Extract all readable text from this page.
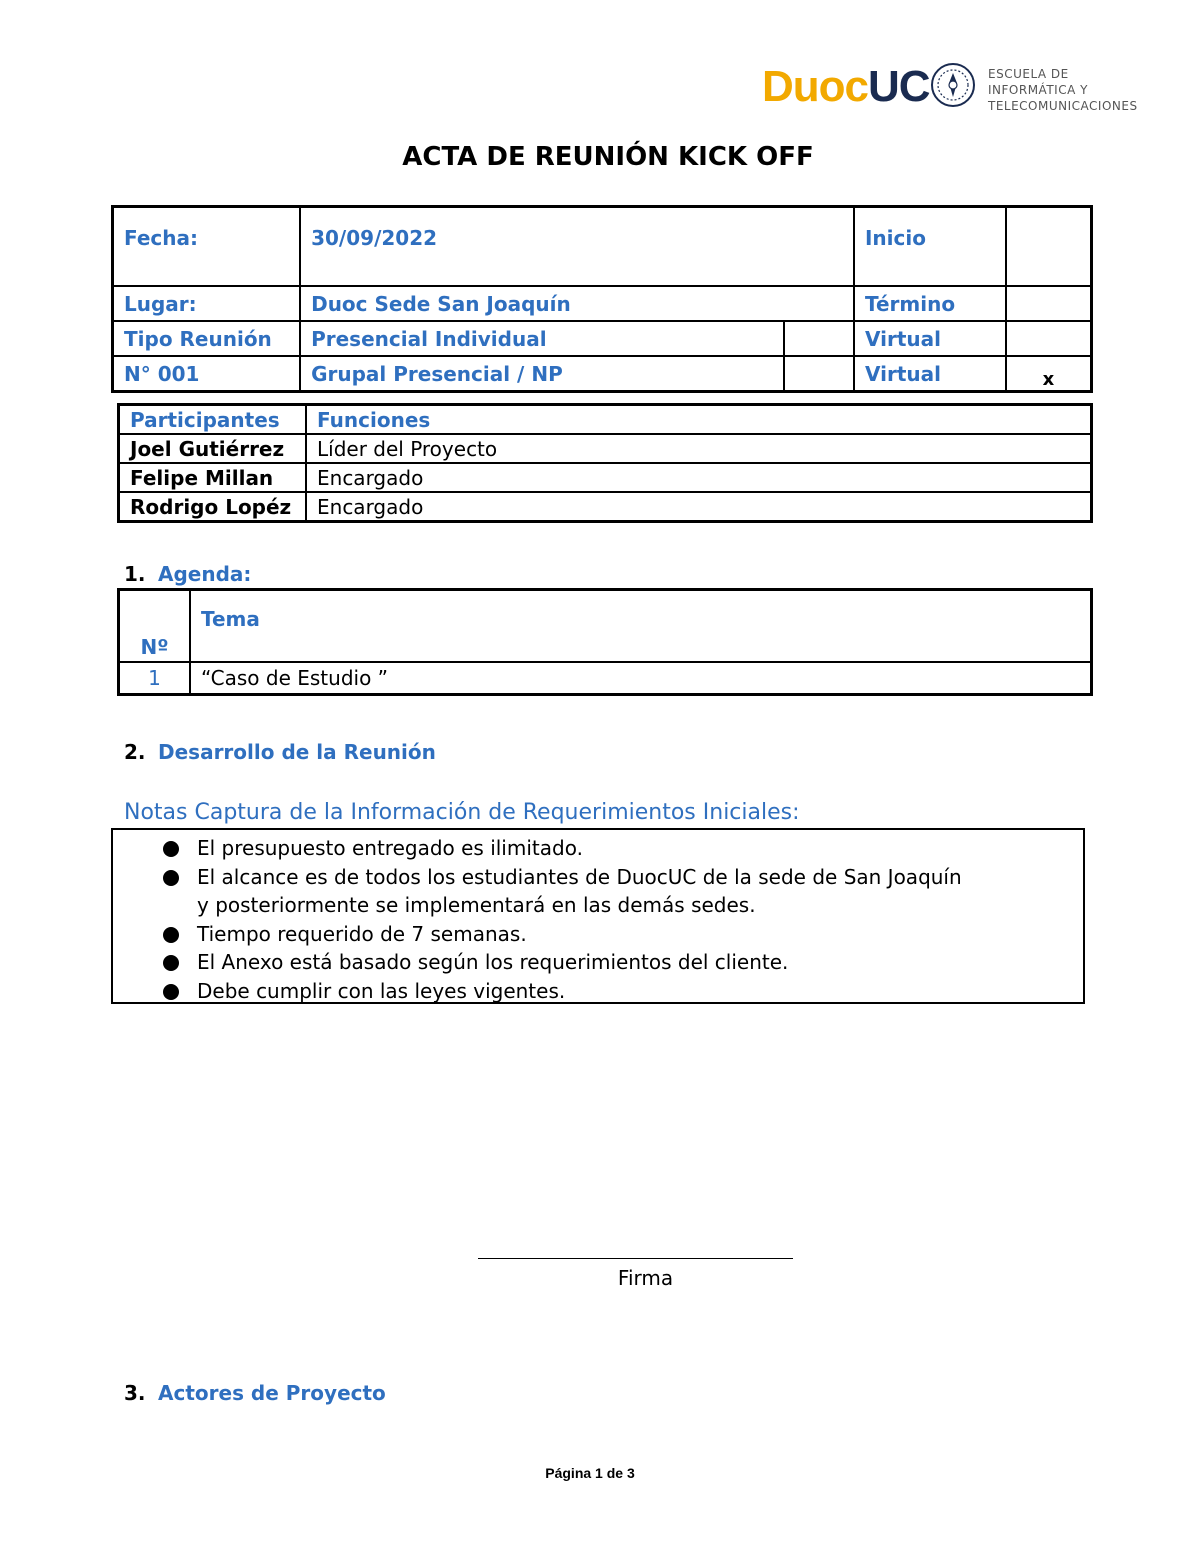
DuocUC	ESCUELA DE
INFORMÁTICA Y
TELECOMUNICACIONES
ACTA DE REUNIÓN KICK OFF
Fecha:	30/09/2022		Inicio	
Lugar:	Duoc Sede San Joaquín		Término	
Tipo Reunión	Presencial Individual		Virtual	
N° 001	Grupal Presencial / NP		Virtual	x
Participantes	Funciones
Joel Gutiérrez	Líder del Proyecto
Felipe Millan	Encargado
Rodrigo Lopéz	Encargado
1. Agenda:
Nº	Tema
1	“Caso de Estudio ”
2. Desarrollo de la Reunión
Notas Captura de la Información de Requerimientos Iniciales:
El presupuesto entregado es ilimitado.
El alcance es de todos los estudiantes de DuocUC de la sede de San Joaquín y posteriormente se implementará en las demás sedes.
Tiempo requerido de 7 semanas.
El Anexo está basado según los requerimientos del cliente.
Debe cumplir con las leyes vigentes.
Firma
3. Actores de Proyecto
Página 1 de 3
